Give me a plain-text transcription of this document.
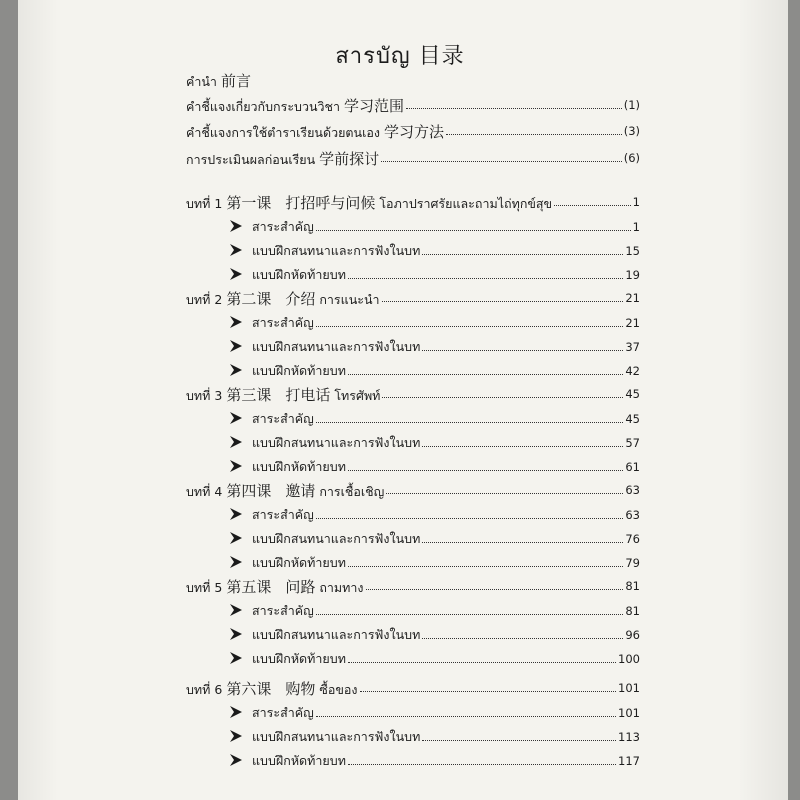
สารบัญ 目录
คำนำ 前言
คำชี้แจงเกี่ยวกับกระบวนวิชา 学习范围	(1)
คำชี้แจงการใช้ตำราเรียนด้วยตนเอง 学习方法	(3)
การประเมินผลก่อนเรียน 学前探讨	(6)
บทที่ 1 第一课 打招呼与问候 โอภาปราศรัยและถามไถ่ทุกข์สุข	1
สาระสำคัญ	1
แบบฝึกสนทนาและการฟังในบท	15
แบบฝึกหัดท้ายบท	19
บทที่ 2 第二课 介绍 การแนะนำ	21
สาระสำคัญ	21
แบบฝึกสนทนาและการฟังในบท	37
แบบฝึกหัดท้ายบท	42
บทที่ 3 第三课 打电话 โทรศัพท์	45
สาระสำคัญ	45
แบบฝึกสนทนาและการฟังในบท	57
แบบฝึกหัดท้ายบท	61
บทที่ 4 第四课 邀请 การเชื้อเชิญ	63
สาระสำคัญ	63
แบบฝึกสนทนาและการฟังในบท	76
แบบฝึกหัดท้ายบท	79
บทที่ 5 第五课 问路 ถามทาง	81
สาระสำคัญ	81
แบบฝึกสนทนาและการฟังในบท	96
แบบฝึกหัดท้ายบท	100
บทที่ 6 第六课 购物 ซื้อของ	101
สาระสำคัญ	101
แบบฝึกสนทนาและการฟังในบท	113
แบบฝึกหัดท้ายบท	117
